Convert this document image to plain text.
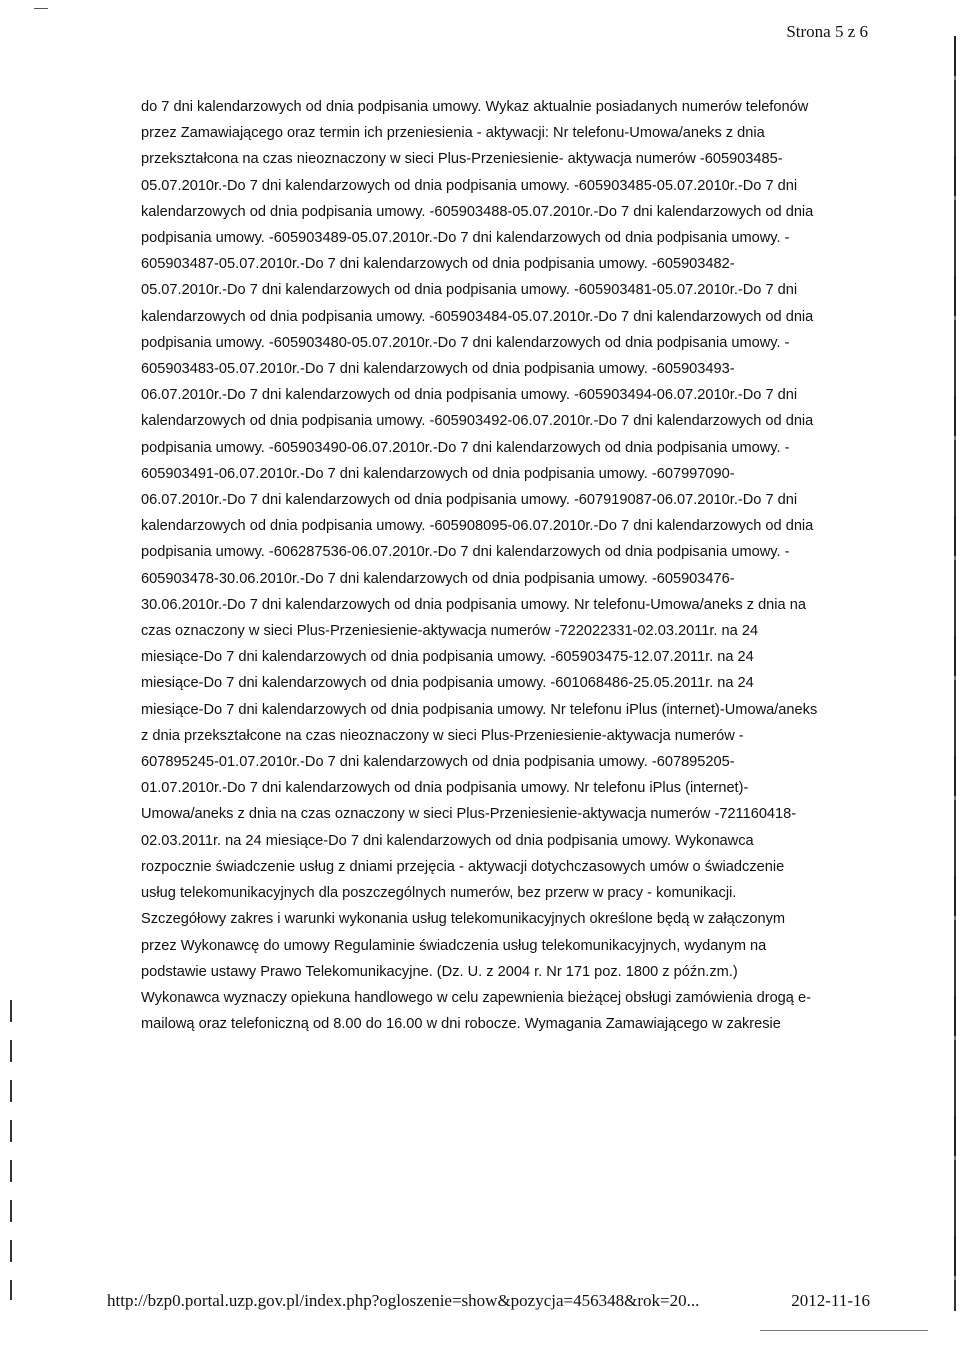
Strona 5 z 6
do 7 dni kalendarzowych od dnia podpisania umowy. Wykaz aktualnie posiadanych numerów telefonów
przez Zamawiającego oraz termin ich przeniesienia - aktywacji: Nr telefonu-Umowa/aneks z dnia
przekształcona na czas nieoznaczony w sieci Plus-Przeniesienie- aktywacja numerów -605903485-
05.07.2010r.-Do 7 dni kalendarzowych od dnia podpisania umowy. -605903485-05.07.2010r.-Do 7 dni
kalendarzowych od dnia podpisania umowy. -605903488-05.07.2010r.-Do 7 dni kalendarzowych od dnia
podpisania umowy. -605903489-05.07.2010r.-Do 7 dni kalendarzowych od dnia podpisania umowy. -
605903487-05.07.2010r.-Do 7 dni kalendarzowych od dnia podpisania umowy. -605903482-
05.07.2010r.-Do 7 dni kalendarzowych od dnia podpisania umowy. -605903481-05.07.2010r.-Do 7 dni
kalendarzowych od dnia podpisania umowy. -605903484-05.07.2010r.-Do 7 dni kalendarzowych od dnia
podpisania umowy. -605903480-05.07.2010r.-Do 7 dni kalendarzowych od dnia podpisania umowy. -
605903483-05.07.2010r.-Do 7 dni kalendarzowych od dnia podpisania umowy. -605903493-
06.07.2010r.-Do 7 dni kalendarzowych od dnia podpisania umowy. -605903494-06.07.2010r.-Do 7 dni
kalendarzowych od dnia podpisania umowy. -605903492-06.07.2010r.-Do 7 dni kalendarzowych od dnia
podpisania umowy. -605903490-06.07.2010r.-Do 7 dni kalendarzowych od dnia podpisania umowy. -
605903491-06.07.2010r.-Do 7 dni kalendarzowych od dnia podpisania umowy. -607997090-
06.07.2010r.-Do 7 dni kalendarzowych od dnia podpisania umowy. -607919087-06.07.2010r.-Do 7 dni
kalendarzowych od dnia podpisania umowy. -605908095-06.07.2010r.-Do 7 dni kalendarzowych od dnia
podpisania umowy. -606287536-06.07.2010r.-Do 7 dni kalendarzowych od dnia podpisania umowy. -
605903478-30.06.2010r.-Do 7 dni kalendarzowych od dnia podpisania umowy. -605903476-
30.06.2010r.-Do 7 dni kalendarzowych od dnia podpisania umowy. Nr telefonu-Umowa/aneks z dnia na
czas oznaczony w sieci Plus-Przeniesienie-aktywacja numerów -722022331-02.03.2011r. na 24
miesiące-Do 7 dni kalendarzowych od dnia podpisania umowy. -605903475-12.07.2011r. na 24
miesiące-Do 7 dni kalendarzowych od dnia podpisania umowy. -601068486-25.05.2011r. na 24
miesiące-Do 7 dni kalendarzowych od dnia podpisania umowy. Nr telefonu iPlus (internet)-Umowa/aneks
z dnia przekształcone na czas nieoznaczony w sieci Plus-Przeniesienie-aktywacja numerów -
607895245-01.07.2010r.-Do 7 dni kalendarzowych od dnia podpisania umowy. -607895205-
01.07.2010r.-Do 7 dni kalendarzowych od dnia podpisania umowy. Nr telefonu iPlus (internet)-
Umowa/aneks z dnia na czas oznaczony w sieci Plus-Przeniesienie-aktywacja numerów -721160418-
02.03.2011r. na 24 miesiące-Do 7 dni kalendarzowych od dnia podpisania umowy. Wykonawca
rozpocznie świadczenie usług z dniami przejęcia - aktywacji dotychczasowych umów o świadczenie
usług telekomunikacyjnych dla poszczególnych numerów, bez przerw w pracy - komunikacji.
Szczegółowy zakres i warunki wykonania usług telekomunikacyjnych określone będą w załączonym
przez Wykonawcę do umowy Regulaminie świadczenia usług telekomunikacyjnych, wydanym na
podstawie ustawy Prawo Telekomunikacyjne. (Dz. U. z 2004 r. Nr 171 poz. 1800 z późn.zm.)
Wykonawca wyznaczy opiekuna handlowego w celu zapewnienia bieżącej obsługi zamówienia drogą e-
mailową oraz telefoniczną od 8.00 do 16.00 w dni robocze. Wymagania Zamawiającego w zakresie
http://bzp0.portal.uzp.gov.pl/index.php?ogloszenie=show&pozycja=456348&rok=20...	2012-11-16
